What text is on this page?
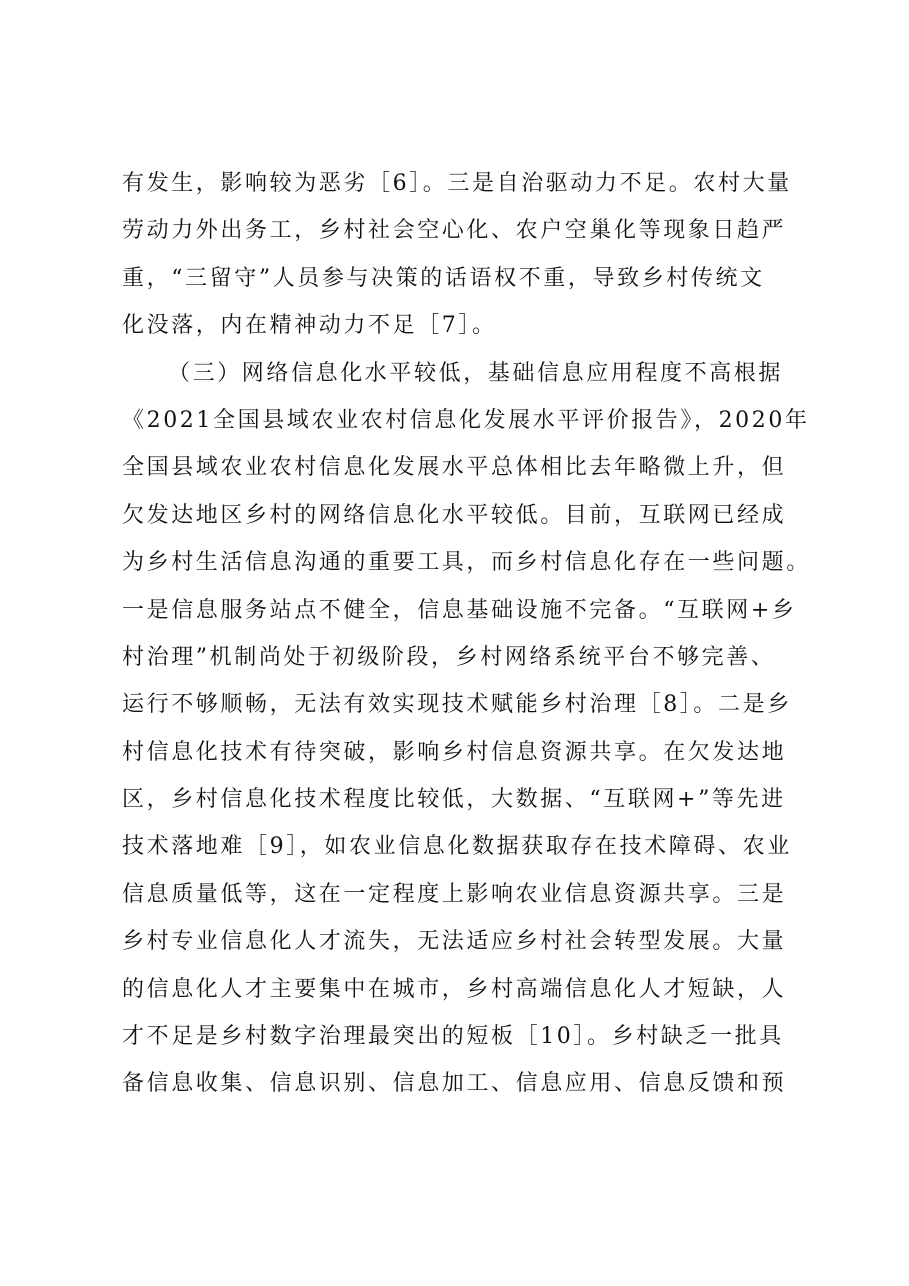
有发生，影响较为恶劣［6］。三是自治驱动力不足。农村大量
劳动力外出务工，乡村社会空心化、农户空巢化等现象日趋严
重，“三留守”人员参与决策的话语权不重，导致乡村传统文
化没落，内在精神动力不足［7］。
（三）网络信息化水平较低，基础信息应用程度不高根据
《2021全国县域农业农村信息化发展水平评价报告》，2020年
全国县域农业农村信息化发展水平总体相比去年略微上升，但
欠发达地区乡村的网络信息化水平较低。目前，互联网已经成
为乡村生活信息沟通的重要工具，而乡村信息化存在一些问题。
一是信息服务站点不健全，信息基础设施不完备。“互联网+乡
村治理”机制尚处于初级阶段，乡村网络系统平台不够完善、
运行不够顺畅，无法有效实现技术赋能乡村治理［8］。二是乡
村信息化技术有待突破，影响乡村信息资源共享。在欠发达地
区，乡村信息化技术程度比较低，大数据、“互联网+”等先进
技术落地难［9］，如农业信息化数据获取存在技术障碍、农业
信息质量低等，这在一定程度上影响农业信息资源共享。三是
乡村专业信息化人才流失，无法适应乡村社会转型发展。大量
的信息化人才主要集中在城市，乡村高端信息化人才短缺，人
才不足是乡村数字治理最突出的短板［10］。乡村缺乏一批具
备信息收集、信息识别、信息加工、信息应用、信息反馈和预
